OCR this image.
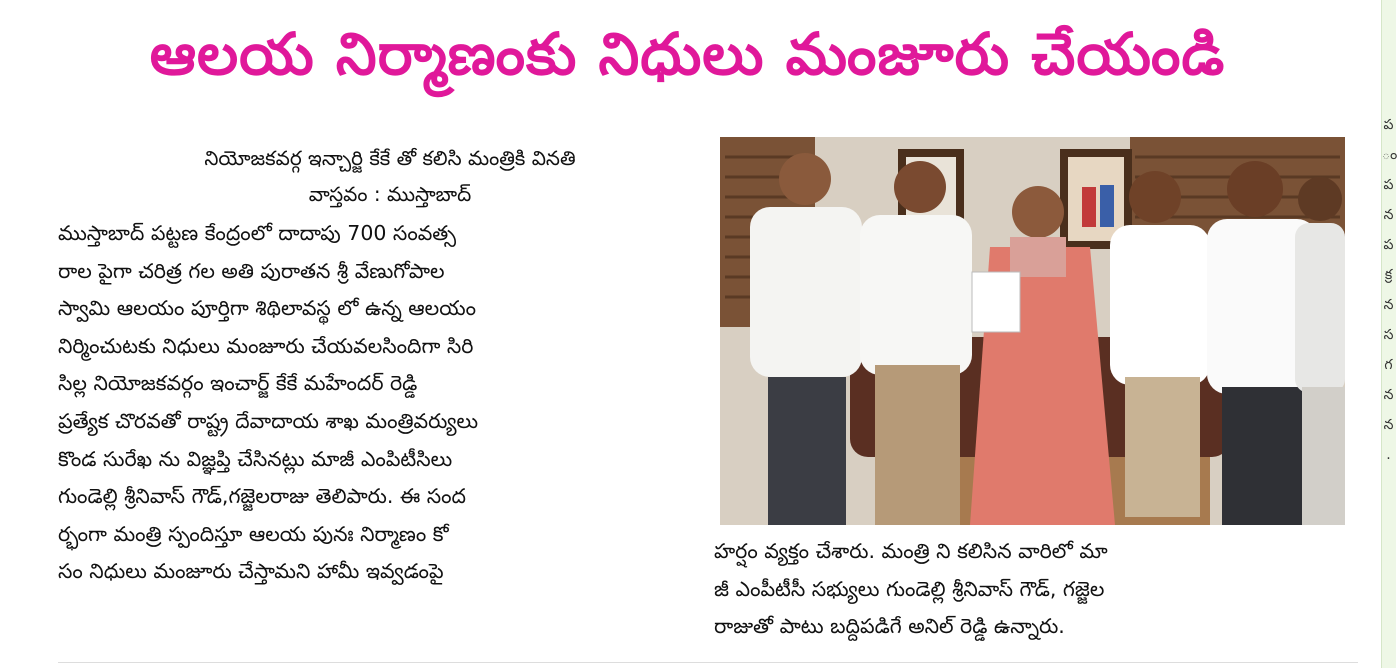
ఆలయ నిర్మాణంకు నిధులు మంజూరు చేయండి
నియోజకవర్గ ఇన్చార్జి కేకే తో కలిసి మంత్రికి వినతి
వాస్తవం : ముస్తాబాద్
ముస్తాబాద్ పట్టణ కేంద్రంలో దాదాపు 700 సంవత్స
రాల పైగా చరిత్ర గల అతి పురాతన శ్రీ వేణుగోపాల
స్వామి ఆలయం పూర్తిగా శిథిలావస్థ లో ఉన్న ఆలయం
నిర్మించుటకు నిధులు మంజూరు చేయవలసిందిగా సిరి
సిల్ల నియోజకవర్గం ఇంచార్జ్ కేకే మహేందర్ రెడ్డి
ప్రత్యేక చొరవతో రాష్ట్ర దేవాదాయ శాఖ మంత్రివర్యులు
కొండ సురేఖ ను విజ్ఞప్తి చేసినట్లు మాజీ ఎంపిటీసిలు
గుండెల్లి శ్రీనివాస్ గౌడ్,గజ్జెలరాజు తెలిపారు. ఈ సంద
ర్భంగా మంత్రి స్పందిస్తూ ఆలయ పునః నిర్మాణం కో
సం నిధులు మంజూరు చేస్తామని హామీ ఇవ్వడంపై
హర్షం వ్యక్తం చేశారు. మంత్రి ని కలిసిన వారిలో మా
జీ ఎంపీటీసీ సభ్యులు గుండెల్లి శ్రీనివాస్ గౌడ్, గజ్జెల
రాజుతో పాటు బద్దిపడిగే అనిల్ రెడ్డి ఉన్నారు.
ప
ం
ప
న
ప
క్ర
న
స
గ
న
న
.
